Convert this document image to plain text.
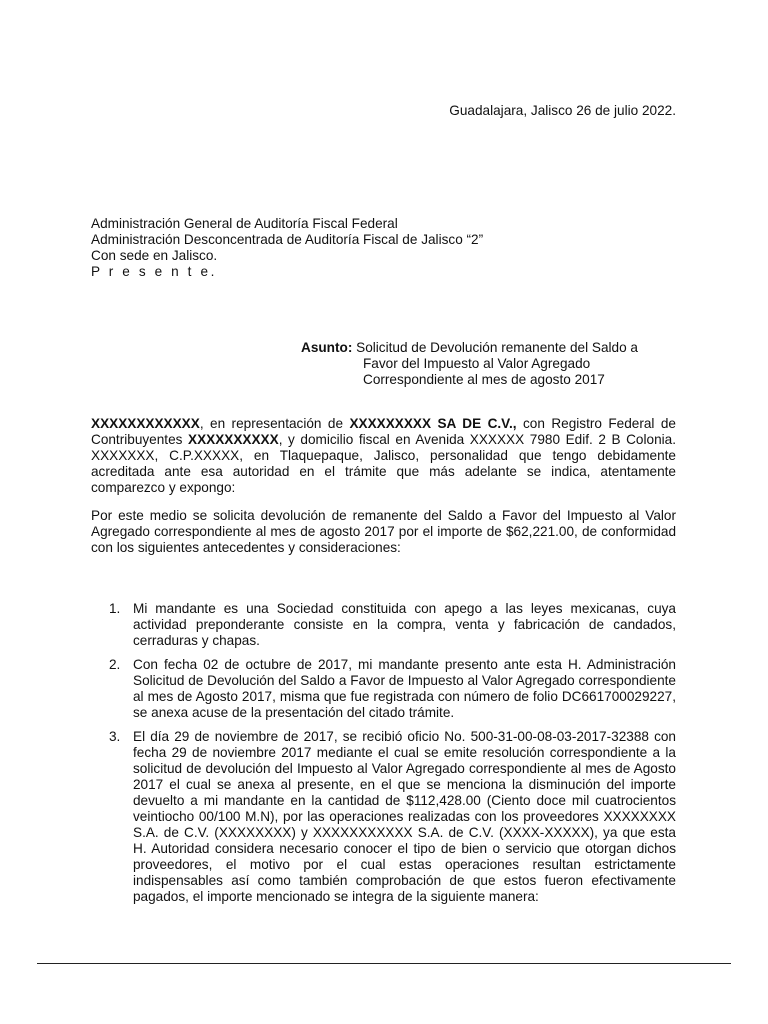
Guadalajara, Jalisco 26 de julio 2022.
Administración General de Auditoría Fiscal Federal
Administración Desconcentrada de Auditoría Fiscal de Jalisco “2”
Con sede en Jalisco.
P r e s e n t e.
Asunto: Solicitud de Devolución remanente del Saldo a
Favor del Impuesto al Valor Agregado
Correspondiente al mes de agosto 2017

XXXXXXXXXXXX, en representación de XXXXXXXXX SA DE C.V., con Registro Federal de Contribuyentes XXXXXXXXXX, y domicilio fiscal en Avenida XXXXXX 7980 Edif. 2 B Colonia. XXXXXXX, C.P.XXXXX, en Tlaquepaque, Jalisco, personalidad que tengo debidamente acreditada ante esa autoridad en el trámite que más adelante se indica, atentamente comparezco y expongo:

Por este medio se solicita devolución de remanente del Saldo a Favor del Impuesto al Valor Agregado correspondiente al mes de agosto 2017 por el importe de $62,221.00, de conformidad con los siguientes antecedentes y consideraciones:

1. Mi mandante es una Sociedad constituida con apego a las leyes mexicanas, cuya actividad preponderante consiste en la compra, venta y fabricación de candados, cerraduras y chapas.
2. Con fecha 02 de octubre de 2017, mi mandante presento ante esta H. Administración Solicitud de Devolución del Saldo a Favor de Impuesto al Valor Agregado correspondiente al mes de Agosto 2017, misma que fue registrada con número de folio DC661700029227, se anexa acuse de la presentación del citado trámite.
3. El día 29 de noviembre de 2017, se recibió oficio No. 500-31-00-08-03-2017-32388 con fecha 29 de noviembre 2017 mediante el cual se emite resolución correspondiente a la solicitud de devolución del Impuesto al Valor Agregado correspondiente al mes de Agosto 2017 el cual se anexa al presente, en el que se menciona la disminución del importe devuelto a mi mandante en la cantidad de $112,428.00 (Ciento doce mil cuatrocientos veintiocho 00/100 M.N), por las operaciones realizadas con los proveedores XXXXXXXX S.A. de C.V. (XXXXXXXX) y XXXXXXXXXXX S.A. de C.V. (XXXX-XXXXX), ya que esta H. Autoridad considera necesario conocer el tipo de bien o servicio que otorgan dichos proveedores, el motivo por el cual estas operaciones resultan estrictamente indispensables así como también comprobación de que estos fueron efectivamente pagados, el importe mencionado se integra de la siguiente manera:
